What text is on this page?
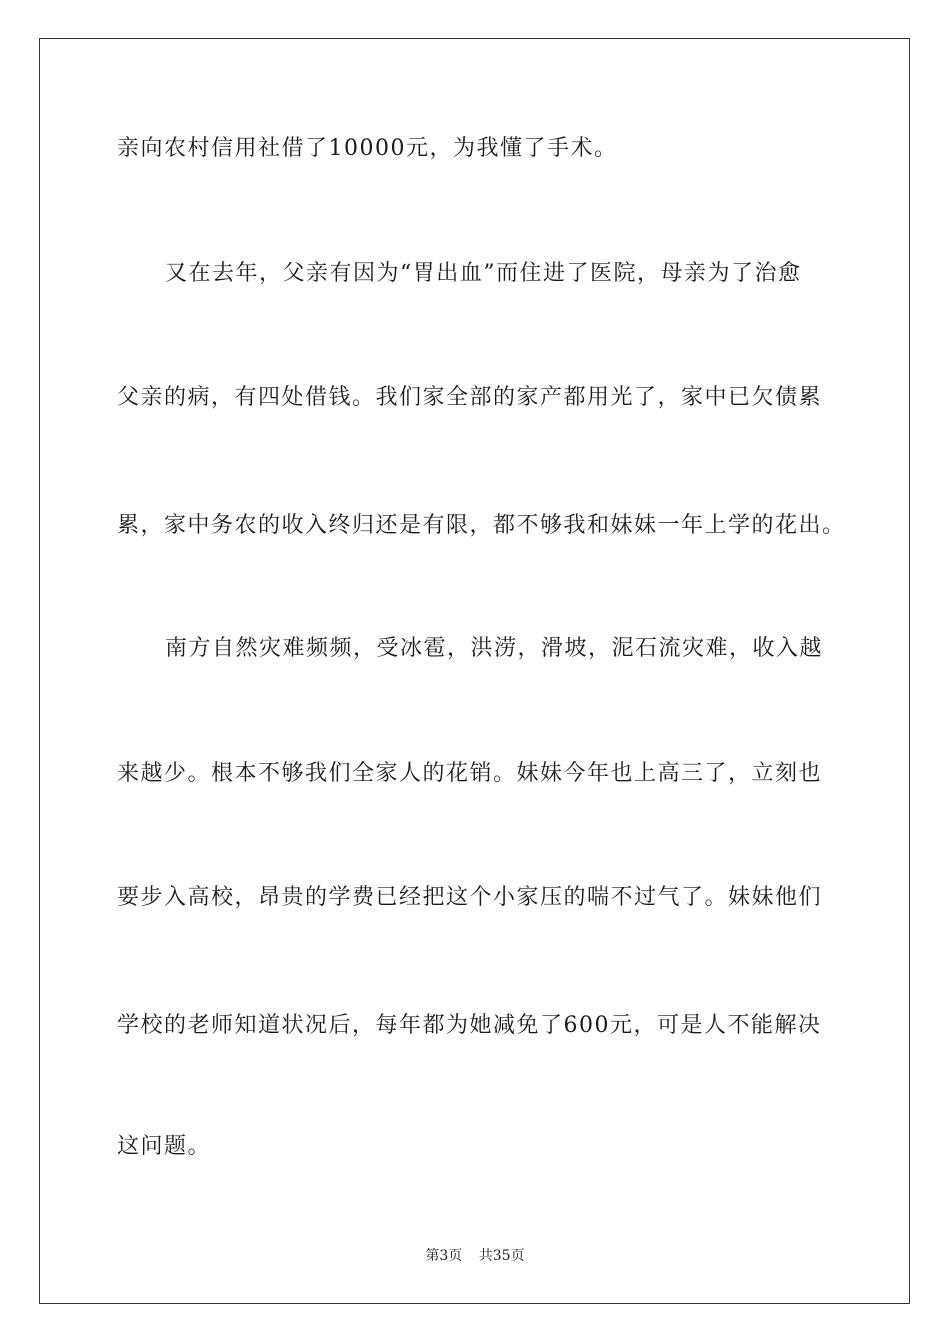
亲向农村信用社借了10000元，为我懂了手术。
又在去年，父亲有因为“胃出血”而住进了医院，母亲为了治愈
父亲的病，有四处借钱。我们家全部的家产都用光了，家中已欠债累
累，家中务农的收入终归还是有限，都不够我和妹妹一年上学的花出。
南方自然灾难频频，受冰雹，洪涝，滑坡，泥石流灾难，收入越
来越少。根本不够我们全家人的花销。妹妹今年也上高三了，立刻也
要步入高校，昂贵的学费已经把这个小家压的喘不过气了。妹妹他们
学校的老师知道状况后，每年都为她减免了600元，可是人不能解决
这问题。
第3页 共35页
